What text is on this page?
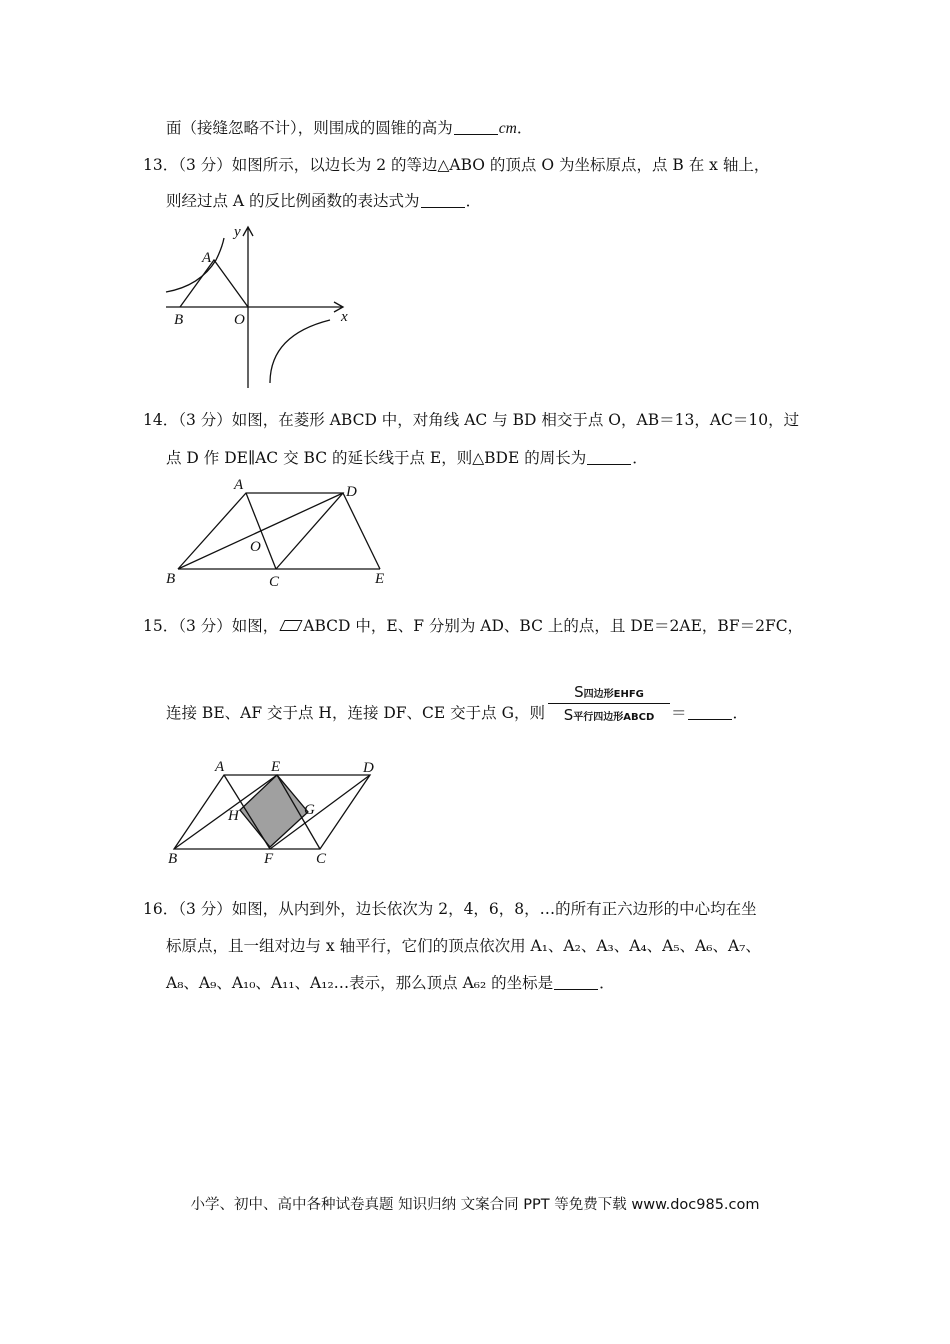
面（接缝忽略不计），则围成的圆锥的高为	cm．
13．（3 分）如图所示，以边长为 2 的等边△ABO 的顶点 O 为坐标原点，点 B 在 x 轴上，
则经过点 A 的反比例函数的表达式为	．
A
B	O	x
y
14．（3 分）如图，在菱形 ABCD 中，对角线 AC 与 BD 相交于点 O，AB＝13，AC＝10，过
点 D 作 DE∥AC 交 BC 的延长线于点 E，则△BDE 的周长为	．
A	D
B	C	E
O
15．（3 分）如图， ABCD 中，E、F 分别为 AD、BC 上的点，且 DE＝2AE，BF＝2FC，
连接 BE、AF 交于点 H，连接 DF、CE 交于点 G，则
S四边形EHFG
S平行四边形ABCD	＝	．
A	E	D
H	G
B	F	C
16．（3 分）如图，从内到外，边长依次为 2，4，6，8，…的所有正六边形的中心均在坐
标原点，且一组对边与 x 轴平行，它们的顶点依次用 A₁、A₂、A₃、A₄、A₅、A₆、A₇、
A₈、A₉、A₁₀、A₁₁、A₁₂…表示，那么顶点 A₆₂ 的坐标是	．
小学、初中、高中各种试卷真题 知识归纳 文案合同 PPT 等免费下载 www.doc985.com
